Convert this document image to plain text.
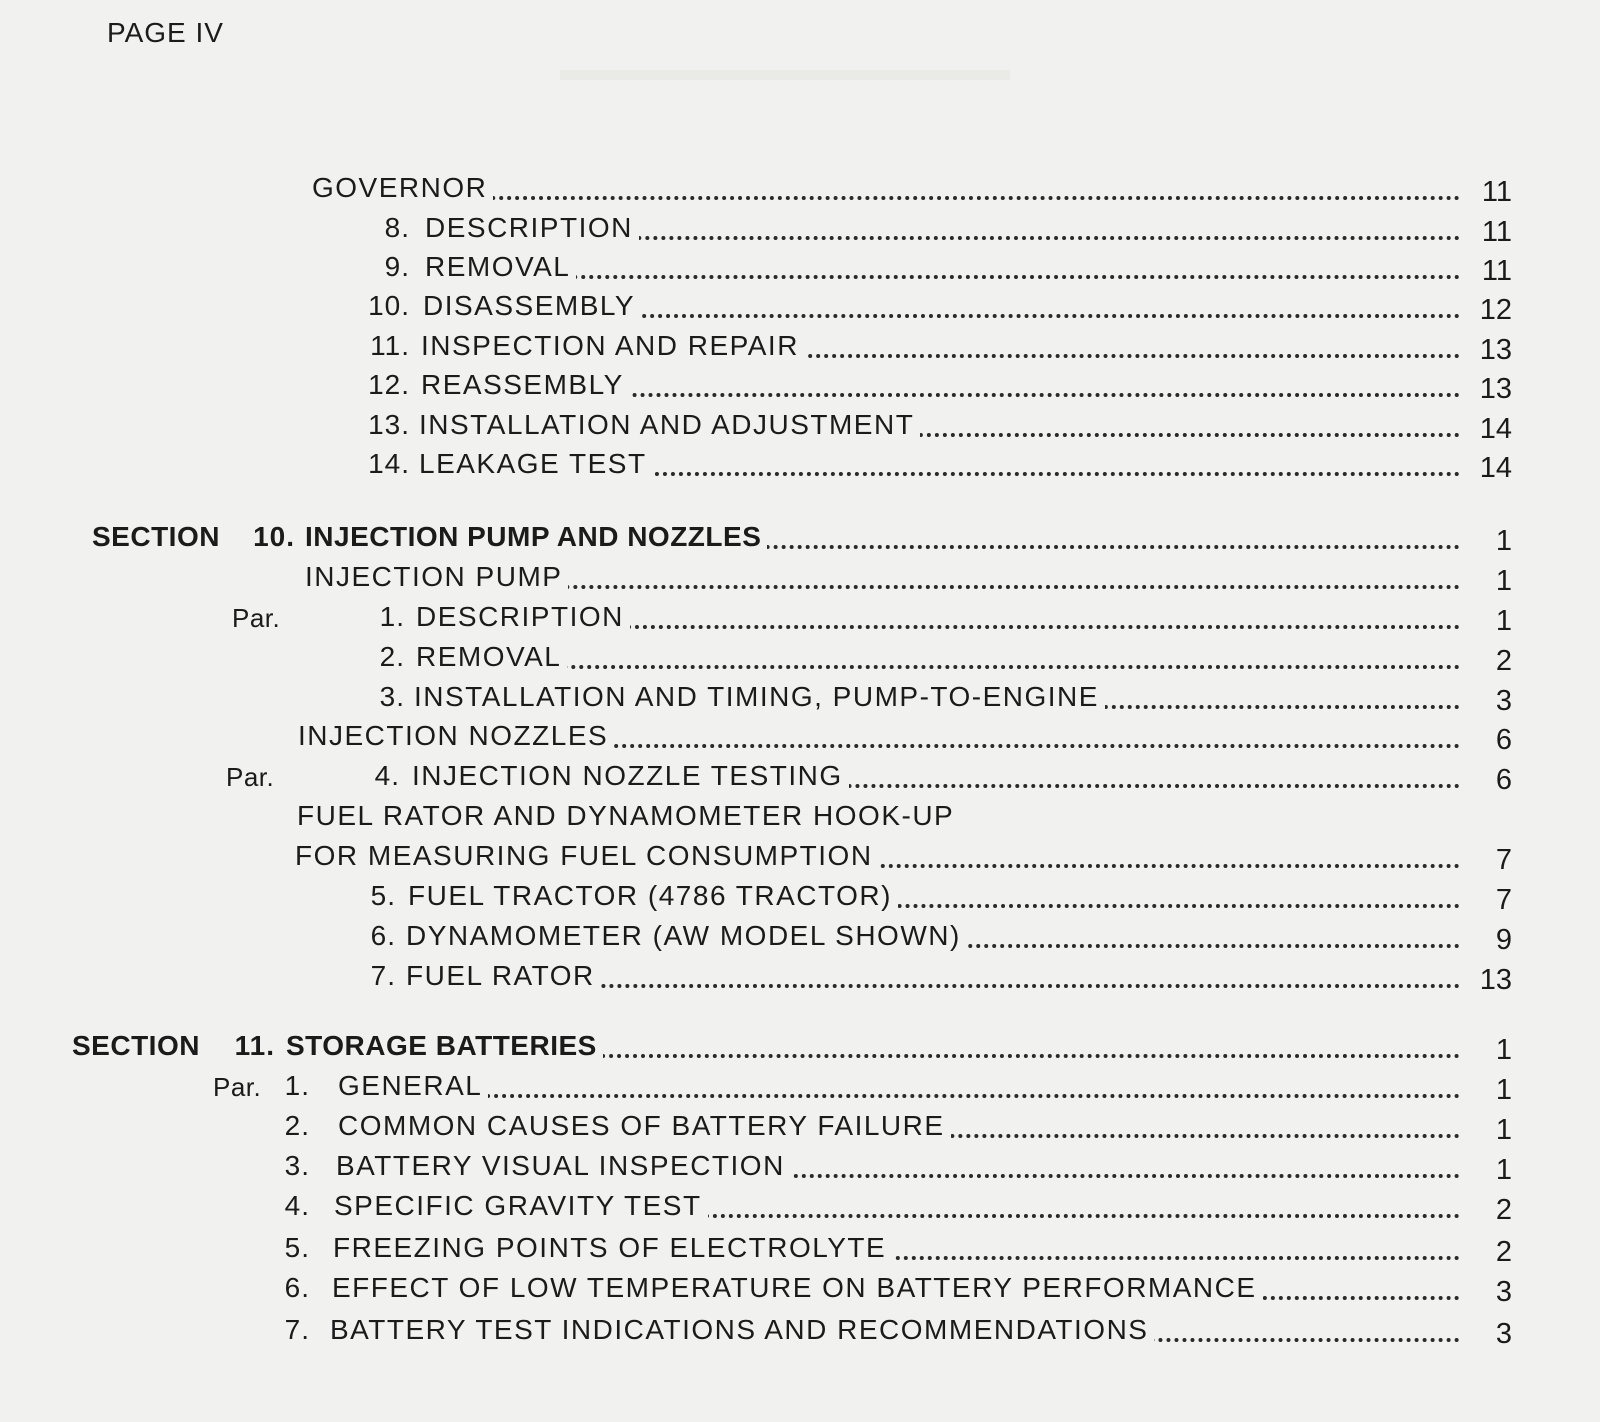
PAGE IV
GOVERNOR	11
8. DESCRIPTION	11
9. REMOVAL	11
10. DISASSEMBLY	12
11. INSPECTION AND REPAIR	13
12. REASSEMBLY	13
13. INSTALLATION AND ADJUSTMENT	14
14. LEAKAGE TEST	14
SECTION 10. INJECTION PUMP AND NOZZLES	1
INJECTION PUMP	1
Par.	1. DESCRIPTION	1
2. REMOVAL	2
3. INSTALLATION AND TIMING, PUMP-TO-ENGINE	3
INJECTION NOZZLES	6
Par.	4. INJECTION NOZZLE TESTING	6
FUEL RATOR AND DYNAMOMETER HOOK-UP
FOR MEASURING FUEL CONSUMPTION	7
5. FUEL TRACTOR (4786 TRACTOR)	7
6. DYNAMOMETER (AW MODEL SHOWN)	9
7. FUEL RATOR	13
SECTION 11. STORAGE BATTERIES	1
Par. 1. GENERAL	1
2. COMMON CAUSES OF BATTERY FAILURE	1
3. BATTERY VISUAL INSPECTION	1
4. SPECIFIC GRAVITY TEST	2
5. FREEZING POINTS OF ELECTROLYTE	2
6. EFFECT OF LOW TEMPERATURE ON BATTERY PERFORMANCE	3
7. BATTERY TEST INDICATIONS AND RECOMMENDATIONS	3
